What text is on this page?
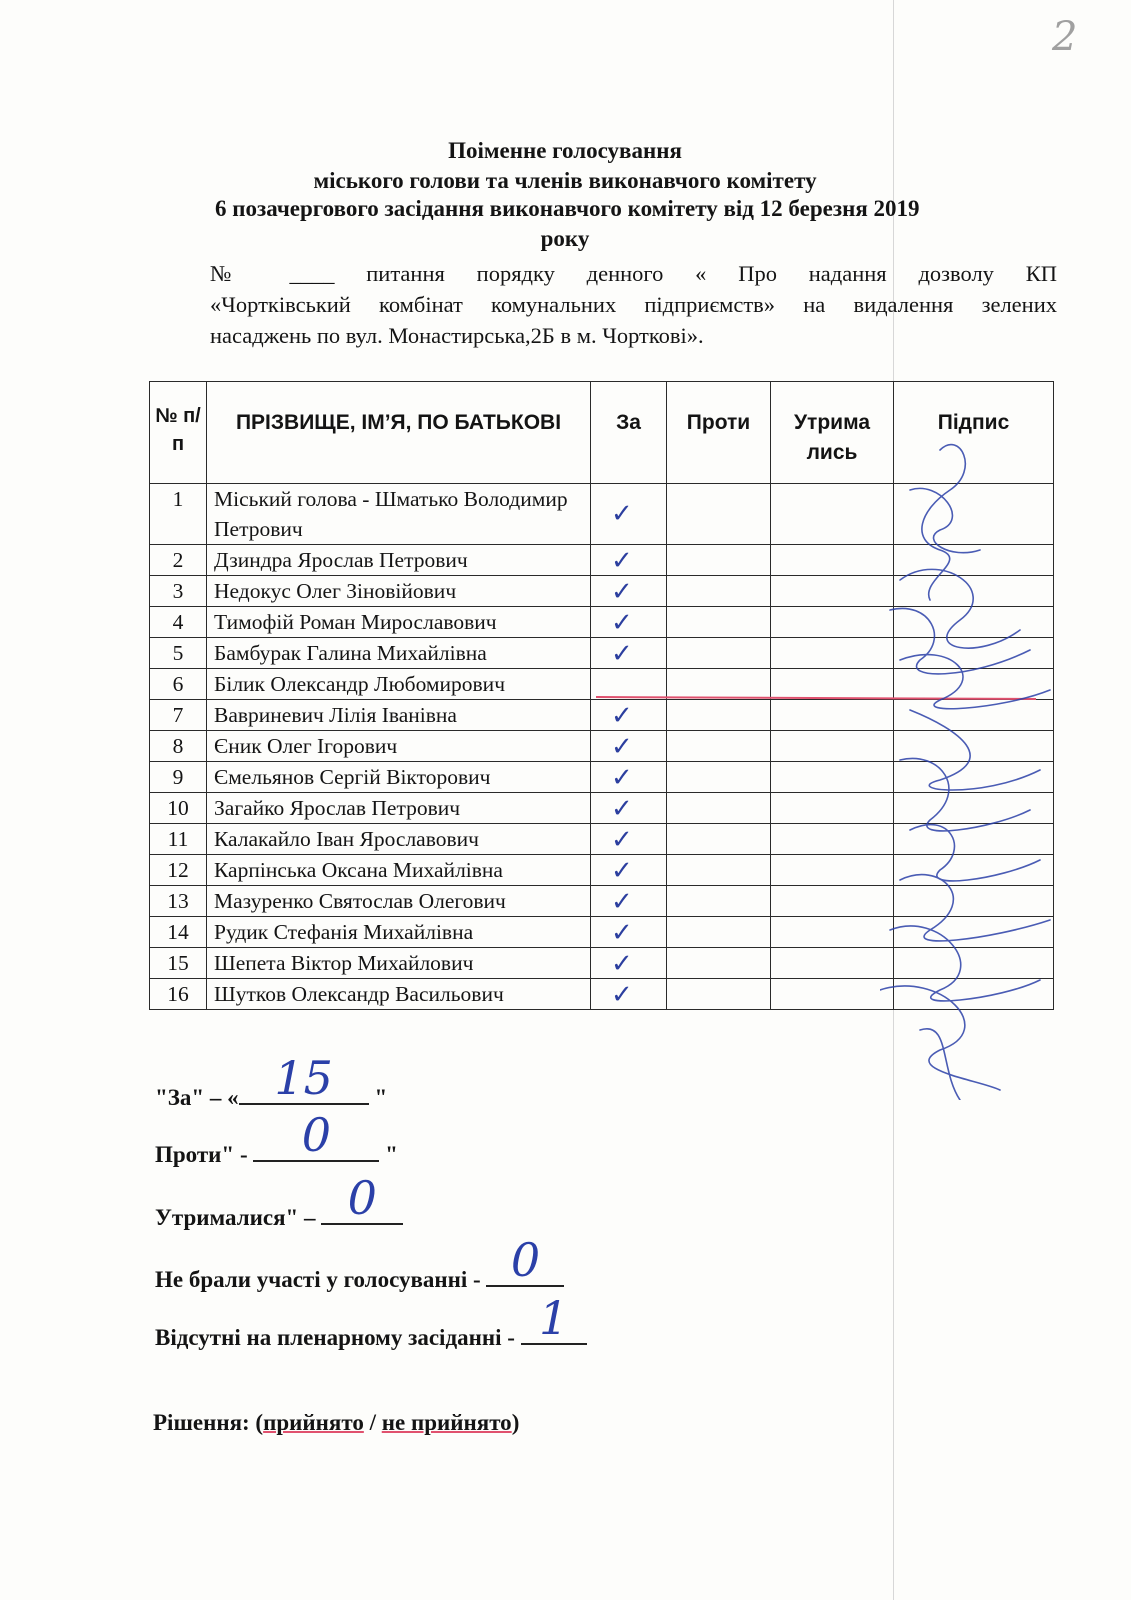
2
Поіменне голосування
міського голови та членів виконавчого комітету
6 позачергового засідання виконавчого комітету від 12 березня 2019
року
№ ____ питання порядку денного « Про надання дозволу КП
«Чортківський комбінат комунальних підприємств» на видалення зелених
насаджень по вул. Монастирська,2Б в м. Чорткові».
№ п/ п	ПРІЗВИЩЕ, ІМ’Я, ПО БАТЬКОВІ	За	Проти	Утрима лись	Підпис
1	Міський голова - Шматько Володимир Петрович	✓			

2	Дзиндра Ярослав Петрович	✓			

3	Недокус Олег Зіновійович	✓			

4	Тимофій Роман Мирославович	✓			

5	Бамбурак Галина Михайлівна	✓			

6	Білик Олександр Любомирович				
7	Вавриневич Лілія Іванівна	✓			

8	Єник Олег Ігорович	✓			

9	Ємельянов Сергій Вікторович	✓			

10	Загайко Ярослав Петрович	✓			

11	Калакайло Іван Ярославович	✓			

12	Карпінська Оксана Михайлівна	✓			

13	Мазуренко Святослав Олегович	✓			

14	Рудик Стефанія Михайлівна	✓			

15	Шепета Віктор Михайлович	✓			

16	Шутков Олександр Васильович	✓			

"За" – « 15	"
Проти" -	0	"
Утрималися" – 0
Не брали участі у голосуванні - 0
Відсутні на пленарному засіданні - 1
Рішення: (прийнято / не прийнято)
